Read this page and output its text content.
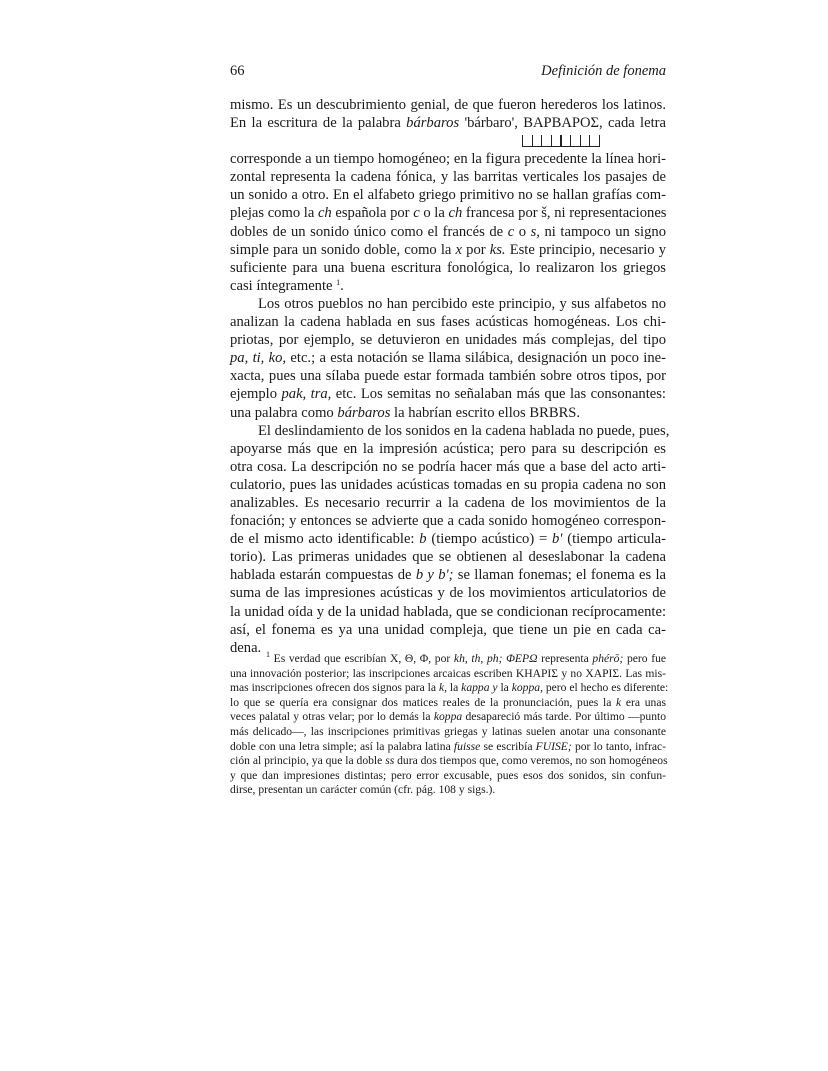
66	Definición de fonema

mismo. Es un descubrimiento genial, de que fueron herederos los latinos.
En la escritura de la palabra bárbaros 'bárbaro', ΒΑΡΒΑΡΟΣ, cada letra
corresponde a un tiempo homogéneo; en la figura precedente la línea hori-
zontal representa la cadena fónica, y las barritas verticales los pasajes de
un sonido a otro. En el alfabeto griego primitivo no se hallan grafías com-
plejas como la ch española por c o la ch francesa por š, ni representaciones
dobles de un sonido único como el francés de c o s, ni tampoco un signo
simple para un sonido doble, como la x por ks. Este principio, necesario y
suficiente para una buena escritura fonológica, lo realizaron los griegos
casi íntegramente $^1$.

Los otros pueblos no han percibido este principio, y sus alfabetos no
analizan la cadena hablada en sus fases acústicas homogéneas. Los chi-
priotas, por ejemplo, se detuvieron en unidades más complejas, del tipo
pa, ti, ko, etc.; a esta notación se llama silábica, designación un poco ine-
xacta, pues una sílaba puede estar formada también sobre otros tipos, por
ejemplo pak, tra, etc. Los semitas no señalaban más que las consonantes:
una palabra como bárbaros la habrían escrito ellos BRBRS.

El deslindamiento de los sonidos en la cadena hablada no puede, pues,
apoyarse más que en la impresión acústica; pero para su descripción es
otra cosa. La descripción no se podría hacer más que a base del acto arti-
culatorio, pues las unidades acústicas tomadas en su propia cadena no son
analizables. Es necesario recurrir a la cadena de los movimientos de la
fonación; y entonces se advierte que a cada sonido homogéneo correspon-
de el mismo acto identificable: b (tiempo acústico) = b' (tiempo articula-
torio). Las primeras unidades que se obtienen al deseslabonar la cadena
hablada estarán compuestas de b y b'; se llaman fonemas; el fonema es la
suma de las impresiones acústicas y de los movimientos articulatorios de
la unidad oída y de la unidad hablada, que se condicionan recíprocamente:
así, el fonema es ya una unidad compleja, que tiene un pie en cada ca-
dena. $^1$ Es verdad que escribían Χ, Θ, Φ, por kh, th, ph; ΦΕΡΩ representa phérō; pero fue
una innovación posterior; las inscripciones arcaicas escriben ΚΗΑΡΙΣ y no ΧΑΡΙΣ. Las mis-
mas inscripciones ofrecen dos signos para la k, la kappa y la koppa, pero el hecho es diferente:
lo que se quería era consignar dos matices reales de la pronunciación, pues la k era unas
veces palatal y otras velar; por lo demás la koppa desapareció más tarde. Por último —punto
más delicado—, las inscripciones primitivas griegas y latinas suelen anotar una consonante
doble con una letra simple; así la palabra latina fuisse se escribía FUISE; por lo tanto, infrac-
ción al principio, ya que la doble ss dura dos tiempos que, como veremos, no son homogéneos
y que dan impresiones distintas; pero error excusable, pues esos dos sonidos, sin confun-
dirse, presentan un carácter común (cfr. pág. 108 y sigs.).
